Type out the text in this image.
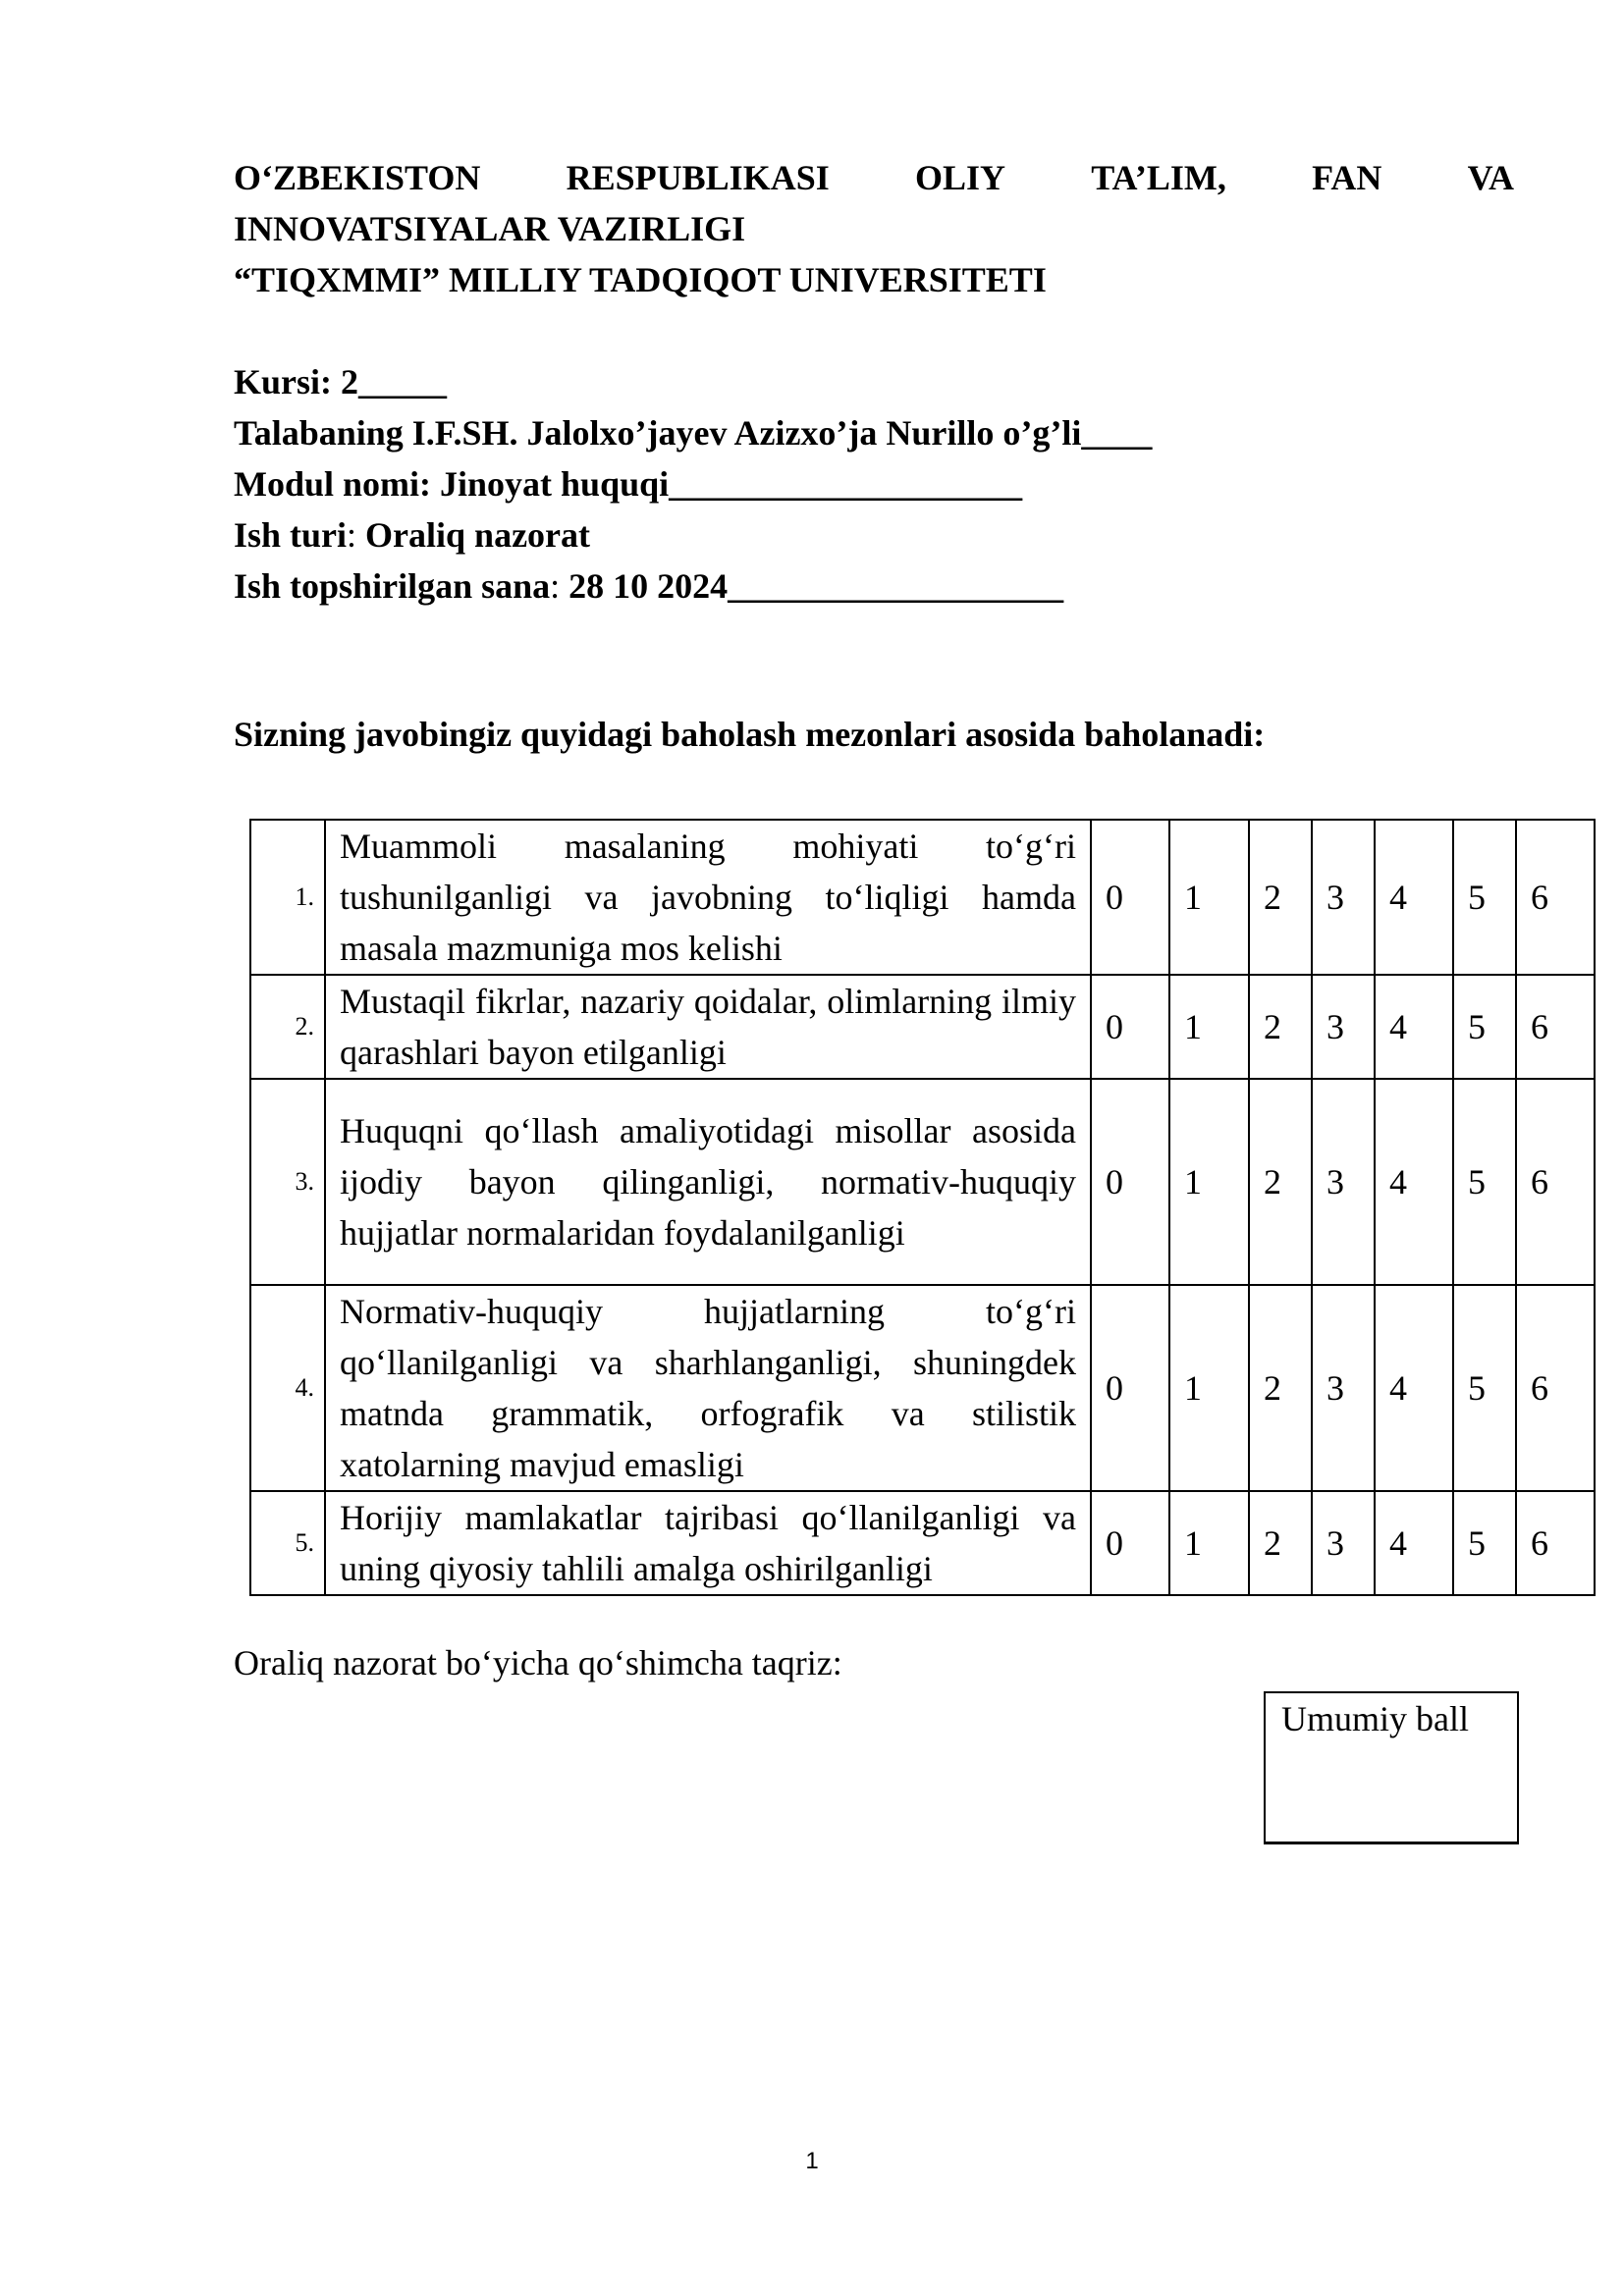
O‘ZBEKISTON RESPUBLIKASI OLIY TA’LIM, FAN VA
INNOVATSIYALAR VAZIRLIGI
“TIQXMMI” MILLIY TADQIQOT UNIVERSITETI
Kursi: 2_____
Talabaning I.F.SH. Jalolxo’jayev Azizxo’ja Nurillo o’g’li____
Modul nomi: Jinoyat huquqi____________________
Ish turi: Oraliq nazorat
Ish topshirilgan sana: 28 10 2024___________________
Sizning javobingiz quyidagi baholash mezonlari asosida baholanadi:
1.	Muammoli masalaning mohiyati to‘g‘ri tushunilganligi va javobning to‘liqligi hamda masala mazmuniga mos kelishi	0	1	2	3	4	5	6
2.	Mustaqil fikrlar, nazariy qoidalar, olimlarning ilmiy qarashlari bayon etilganligi	0	1	2	3	4	5	6
3.	Huquqni qo‘llash amaliyotidagi misollar asosida ijodiy bayon qilinganligi, normativ-huquqiy hujjatlar normalaridan foydalanilganligi	0	1	2	3	4	5	6
4.	Normativ-huquqiy hujjatlarning to‘g‘ri qo‘llanilganligi va sharhlanganligi, shuningdek matnda grammatik, orfografik va stilistik xatolarning mavjud emasligi	0	1	2	3	4	5	6
5.	Horijiy mamlakatlar tajribasi qo‘llanilganligi va uning qiyosiy tahlili amalga oshirilganligi	0	1	2	3	4	5	6
Oraliq nazorat bo‘yicha qo‘shimcha taqriz:
Umumiy ball
1
